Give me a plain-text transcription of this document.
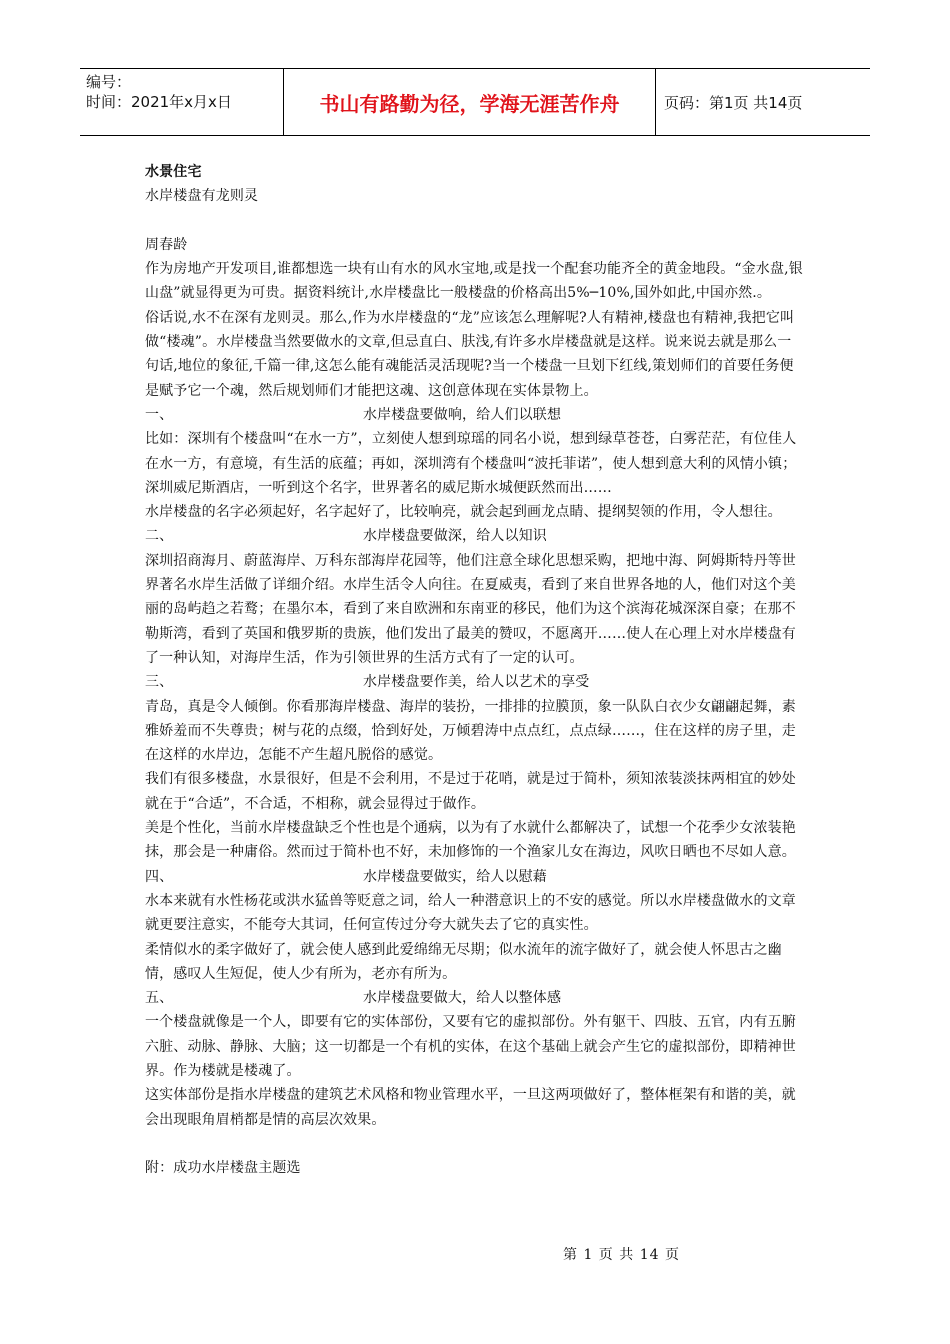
编号：
时间：2021年x月x日	书山有路勤为径，学海无涯苦作舟	页码：第1页 共14页

水景住宅

水岸楼盘有龙则灵

周春龄

作为房地产开发项目,谁都想选一块有山有水的风水宝地,或是找一个配套功能齐全的黄金地段。“金水盘,银山盘”就显得更为可贵。据资料统计,水岸楼盘比一般楼盘的价格高出5%─10%,国外如此,中国亦然.。

俗话说,水不在深有龙则灵。那么,作为水岸楼盘的“龙”应该怎么理解呢?人有精神,楼盘也有精神,我把它叫做“楼魂”。水岸楼盘当然要做水的文章,但忌直白、肤浅,有许多水岸楼盘就是这样。说来说去就是那么一句话,地位的象征,千篇一律,这怎么能有魂能活灵活现呢?当一个楼盘一旦划下红线,策划师们的首要任务便是赋予它一个魂，然后规划师们才能把这魂、这创意体现在实体景物上。

一、	水岸楼盘要做响，给人们以联想

比如：深圳有个楼盘叫“在水一方”，立刻使人想到琼瑶的同名小说，想到绿草苍苍，白雾茫茫，有位佳人在水一方，有意境，有生活的底蕴；再如，深圳湾有个楼盘叫“波托菲诺”，使人想到意大利的风情小镇；深圳威尼斯酒店，一听到这个名字，世界著名的威尼斯水城便跃然而出……

水岸楼盘的名字必须起好，名字起好了，比较响亮，就会起到画龙点睛、提纲契领的作用，令人想往。

二、	水岸楼盘要做深，给人以知识

深圳招商海月、蔚蓝海岸、万科东部海岸花园等，他们注意全球化思想采购，把地中海、阿姆斯特丹等世界著名水岸生活做了详细介绍。水岸生活令人向往。在夏威夷，看到了来自世界各地的人，他们对这个美丽的岛屿趋之若鹜；在墨尔本，看到了来自欧洲和东南亚的移民，他们为这个滨海花城深深自豪；在那不勒斯湾，看到了英国和俄罗斯的贵族，他们发出了最美的赞叹，不愿离开……使人在心理上对水岸楼盘有了一种认知，对海岸生活，作为引领世界的生活方式有了一定的认可。

三、	水岸楼盘要作美，给人以艺术的享受

青岛，真是令人倾倒。你看那海岸楼盘、海岸的装扮，一排排的拉膜顶，象一队队白衣少女翩翩起舞，素雅娇羞而不失尊贵；树与花的点缀，恰到好处，万倾碧涛中点点红，点点绿……，住在这样的房子里，走在这样的水岸边，怎能不产生超凡脱俗的感觉。

我们有很多楼盘，水景很好，但是不会利用，不是过于花哨，就是过于简朴，须知浓装淡抹两相宜的妙处就在于“合适”，不合适，不相称，就会显得过于做作。

美是个性化，当前水岸楼盘缺乏个性也是个通病，以为有了水就什么都解决了，试想一个花季少女浓装艳抹，那会是一种庸俗。然而过于简朴也不好，未加修饰的一个渔家儿女在海边，风吹日晒也不尽如人意。

四、	水岸楼盘要做实，给人以慰藉

水本来就有水性杨花或洪水猛兽等贬意之词，给人一种潜意识上的不安的感觉。所以水岸楼盘做水的文章就更要注意实，不能夸大其词，任何宣传过分夸大就失去了它的真实性。

柔情似水的柔字做好了，就会使人感到此爱绵绵无尽期；似水流年的流字做好了，就会使人怀思古之幽情，感叹人生短促，使人少有所为，老亦有所为。

五、	水岸楼盘要做大，给人以整体感

一个楼盘就像是一个人，即要有它的实体部份，又要有它的虚拟部份。外有躯干、四肢、五官，内有五腑六脏、动脉、静脉、大脑；这一切都是一个有机的实体，在这个基础上就会产生它的虚拟部份，即精神世界。作为楼就是楼魂了。

这实体部份是指水岸楼盘的建筑艺术风格和物业管理水平，一旦这两项做好了，整体框架有和谐的美，就会出现眼角眉梢都是情的高层次效果。

附：成功水岸楼盘主题选

第 1 页 共 14 页
